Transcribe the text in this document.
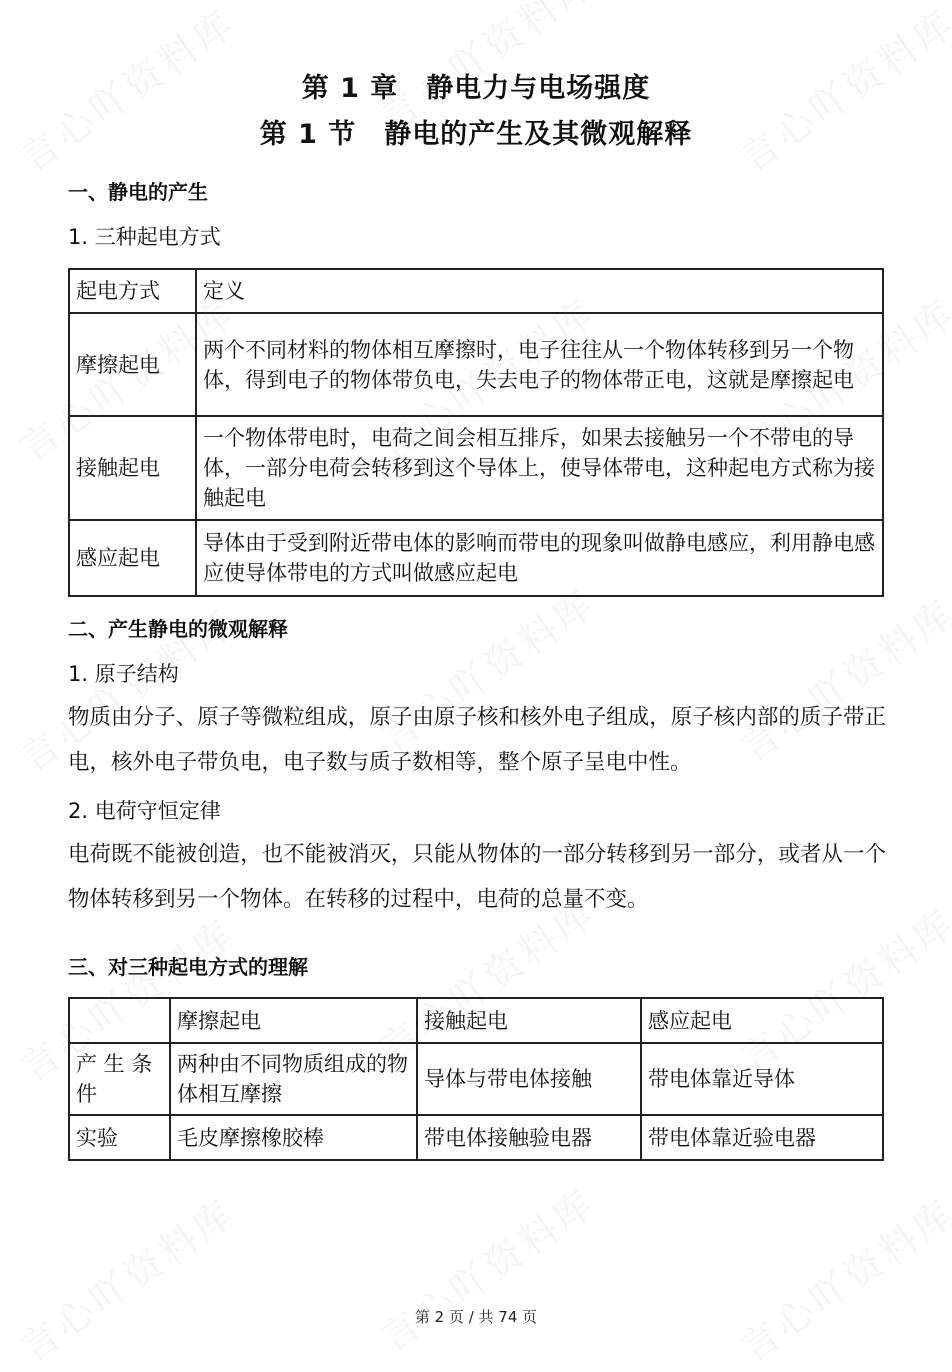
第 1 章　静电力与电场强度
第 1 节　静电的产生及其微观解释
一、静电的产生
1. 三种起电方式
起电方式	定义
摩擦起电	两个不同材料的物体相互摩擦时，电子往往从一个物体转移到另一个物体，得到电子的物体带负电，失去电子的物体带正电，这就是摩擦起电
接触起电	一个物体带电时，电荷之间会相互排斥，如果去接触另一个不带电的导体，一部分电荷会转移到这个导体上，使导体带电，这种起电方式称为接触起电
感应起电	导体由于受到附近带电体的影响而带电的现象叫做静电感应，利用静电感应使导体带电的方式叫做感应起电
二、产生静电的微观解释
1. 原子结构
物质由分子、原子等微粒组成，原子由原子核和核外电子组成，原子核内部的质子带正电，核外电子带负电，电子数与质子数相等，整个原子呈电中性。
2. 电荷守恒定律
电荷既不能被创造，也不能被消灭，只能从物体的一部分转移到另一部分，或者从一个物体转移到另一个物体。在转移的过程中，电荷的总量不变。
三、对三种起电方式的理解
	摩擦起电	接触起电	感应起电
产 生 条件	两种由不同物质组成的物体相互摩擦	导体与带电体接触	带电体靠近导体
实验	毛皮摩擦橡胶棒	带电体接触验电器	带电体靠近验电器
第 2 页 / 共 74 页
